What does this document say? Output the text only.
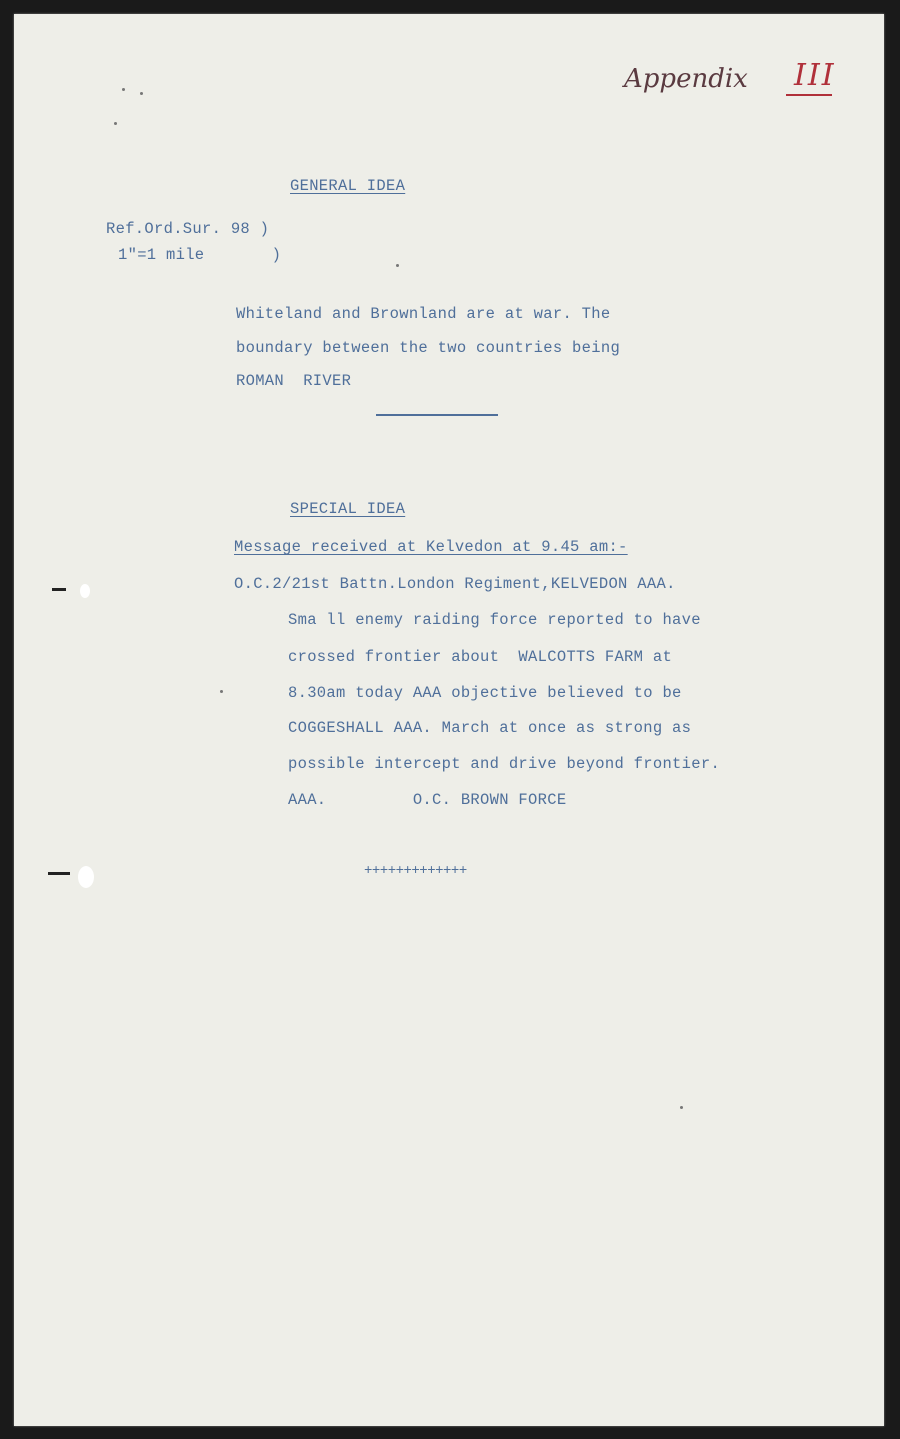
Appendix III
GENERAL IDEA
Ref.Ord.Sur. 98 )
1"=1 mile       )
Whiteland and Brownland are at war. The
boundary between the two countries being
ROMAN  RIVER
SPECIAL IDEA
Message received at Kelvedon at 9.45 am:-
O.C.2/21st Battn.London Regiment,KELVEDON AAA.
Sma ll enemy raiding force reported to have
crossed frontier about  WALCOTTS FARM at
8.30am today AAA objective believed to be
COGGESHALL AAA. March at once as strong as
possible intercept and drive beyond frontier.
AAA.         O.C. BROWN FORCE
+++++++++++++
